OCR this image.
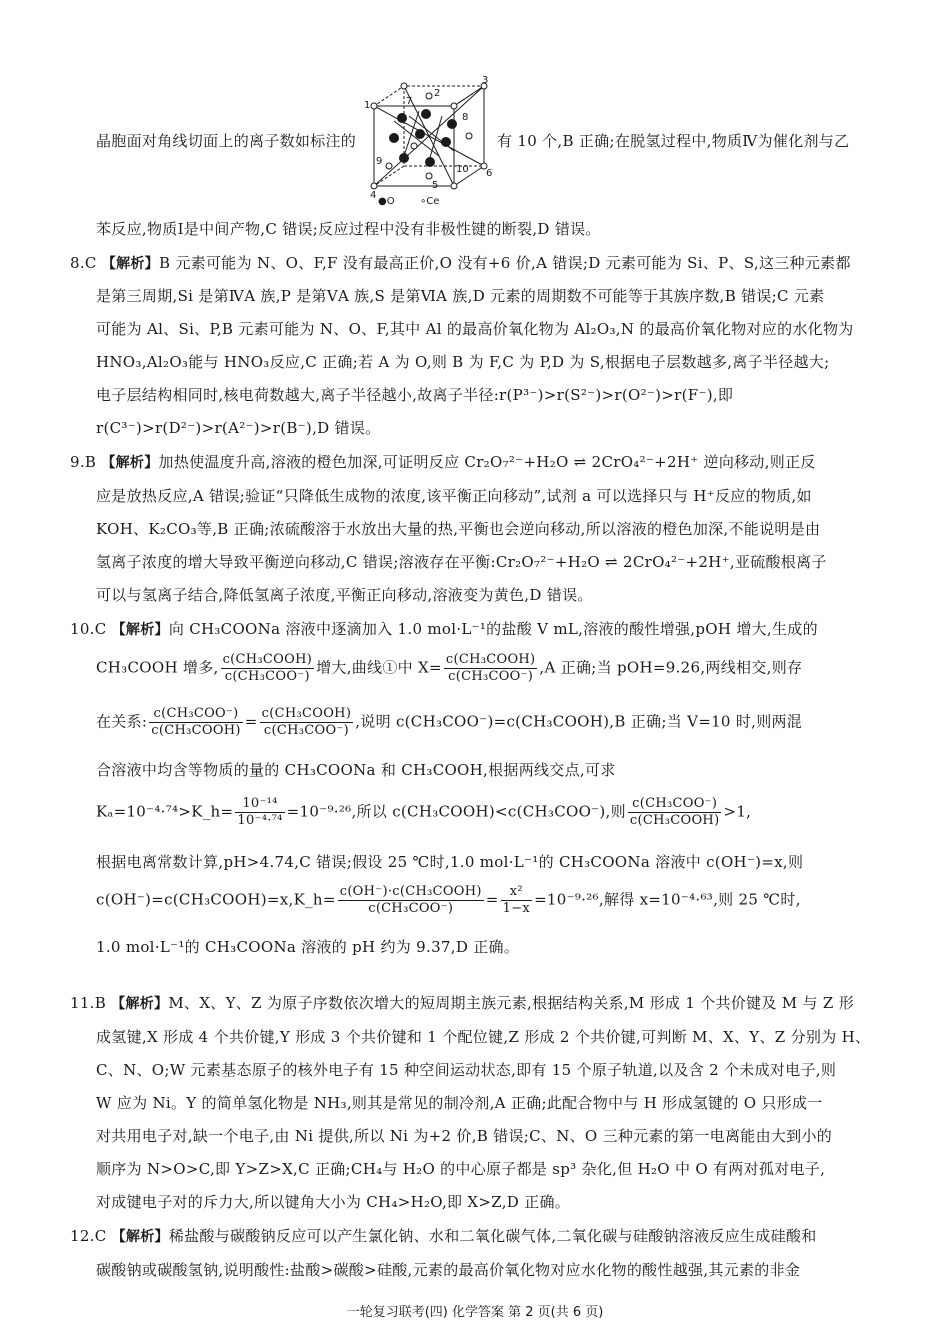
1
2
3
4
5
6
7
8
9
10
●O	∘Ce
晶胞面对角线切面上的离子数如标注的	有 10 个,B 正确;在脱氢过程中,物质Ⅳ为催化剂与乙
苯反应,物质Ⅰ是中间产物,C 错误;反应过程中没有非极性键的断裂,D 错误。
8.C 【解析】B 元素可能为 N、O、F,F 没有最高正价,O 没有+6 价,A 错误;D 元素可能为 Si、P、S,这三种元素都
是第三周期,Si 是第ⅣA 族,P 是第ⅤA 族,S 是第ⅥA 族,D 元素的周期数不可能等于其族序数,B 错误;C 元素
可能为 Al、Si、P,B 元素可能为 N、O、F,其中 Al 的最高价氧化物为 Al₂O₃,N 的最高价氧化物对应的水化物为
HNO₃,Al₂O₃能与 HNO₃反应,C 正确;若 A 为 O,则 B 为 F,C 为 P,D 为 S,根据电子层数越多,离子半径越大;
电子层结构相同时,核电荷数越大,离子半径越小,故离子半径:r(P³⁻)>r(S²⁻)>r(O²⁻)>r(F⁻),即
r(C³⁻)>r(D²⁻)>r(A²⁻)>r(B⁻),D 错误。
9.B 【解析】加热使温度升高,溶液的橙色加深,可证明反应 Cr₂O₇²⁻+H₂O ⇌ 2CrO₄²⁻+2H⁺ 逆向移动,则正反
应是放热反应,A 错误;验证“只降低生成物的浓度,该平衡正向移动”,试剂 a 可以选择只与 H⁺反应的物质,如
KOH、K₂CO₃等,B 正确;浓硫酸溶于水放出大量的热,平衡也会逆向移动,所以溶液的橙色加深,不能说明是由
氢离子浓度的增大导致平衡逆向移动,C 错误;溶液存在平衡:Cr₂O₇²⁻+H₂O ⇌ 2CrO₄²⁻+2H⁺,亚硫酸根离子
可以与氢离子结合,降低氢离子浓度,平衡正向移动,溶液变为黄色,D 错误。
10.C 【解析】向 CH₃COONa 溶液中逐滴加入 1.0 mol·L⁻¹的盐酸 V mL,溶液的酸性增强,pOH 增大,生成的
CH₃COOH 增多, $\frac{\text{c(CH₃COOH)}}{\text{c(CH₃COO⁻)}}$ 增大,曲线①中 $X= \frac{\text{c(CH₃COOH)}}{\text{c(CH₃COO⁻)}} ,A$ 正确;当 pOH=9.26,两线相交,则存
在关系: $\frac{\text{c(CH₃COO⁻)}}{\text{c(CH₃COOH)}} = \frac{\text{c(CH₃COOH)}}{\text{c(CH₃COO⁻)}}$ ,说明 c(CH₃COO⁻)=c(CH₃COOH),B 正确;当 V=10 时,则两混
合溶液中均含等物质的量的 CH₃COONa 和 CH₃COOH,根据两线交点,可求
Kₐ=10⁻⁴·⁷⁴>K_h= $\frac{\text{10⁻¹⁴}}{\text{10⁻⁴·⁷⁴}} =10^{-9}\cdot^{26}$,所以 c(CH₃COOH)<c(CH₃COO⁻),则 $\frac{\text{c(CH₃COO⁻)}}{\text{c(CH₃COOH)}} >1$,
根据电离常数计算,pH>4.74,C 错误;假设 25 ℃时,1.0 mol·L⁻¹的 CH₃COONa 溶液中 c(OH⁻)=x,则
c(OH⁻)=c(CH₃COOH)=x,K_h= $\frac{\text{c(OH⁻)·c(CH₃COOH)}}{\text{c(CH₃COO⁻)}} = \frac{\text{x²}}{1-x} =10^{-9}\cdot^{26}$,解得 x=10⁻⁴·⁶³,则 25 ℃时,
1.0 mol·L⁻¹的 CH₃COONa 溶液的 pH 约为 9.37,D 正确。
11.B 【解析】M、X、Y、Z 为原子序数依次增大的短周期主族元素,根据结构关系,M 形成 1 个共价键及 M 与 Z 形
成氢键,X 形成 4 个共价键,Y 形成 3 个共价键和 1 个配位键,Z 形成 2 个共价键,可判断 M、X、Y、Z 分别为 H、
C、N、O;W 元素基态原子的核外电子有 15 种空间运动状态,即有 15 个原子轨道,以及含 2 个未成对电子,则
W 应为 Ni。Y 的简单氢化物是 NH₃,则其是常见的制冷剂,A 正确;此配合物中与 H 形成氢键的 O 只形成一
对共用电子对,缺一个电子,由 Ni 提供,所以 Ni 为+2 价,B 错误;C、N、O 三种元素的第一电离能由大到小的
顺序为 N>O>C,即 Y>Z>X,C 正确;CH₄与 H₂O 的中心原子都是 sp³ 杂化,但 H₂O 中 O 有两对孤对电子,
对成键电子对的斥力大,所以键角大小为 CH₄>H₂O,即 X>Z,D 正确。
12.C 【解析】稀盐酸与碳酸钠反应可以产生氯化钠、水和二氧化碳气体,二氧化碳与硅酸钠溶液反应生成硅酸和
碳酸钠或碳酸氢钠,说明酸性:盐酸>碳酸>硅酸,元素的最高价氧化物对应水化物的酸性越强,其元素的非金
一轮复习联考(四) 化学答案 第 2 页(共 6 页)
